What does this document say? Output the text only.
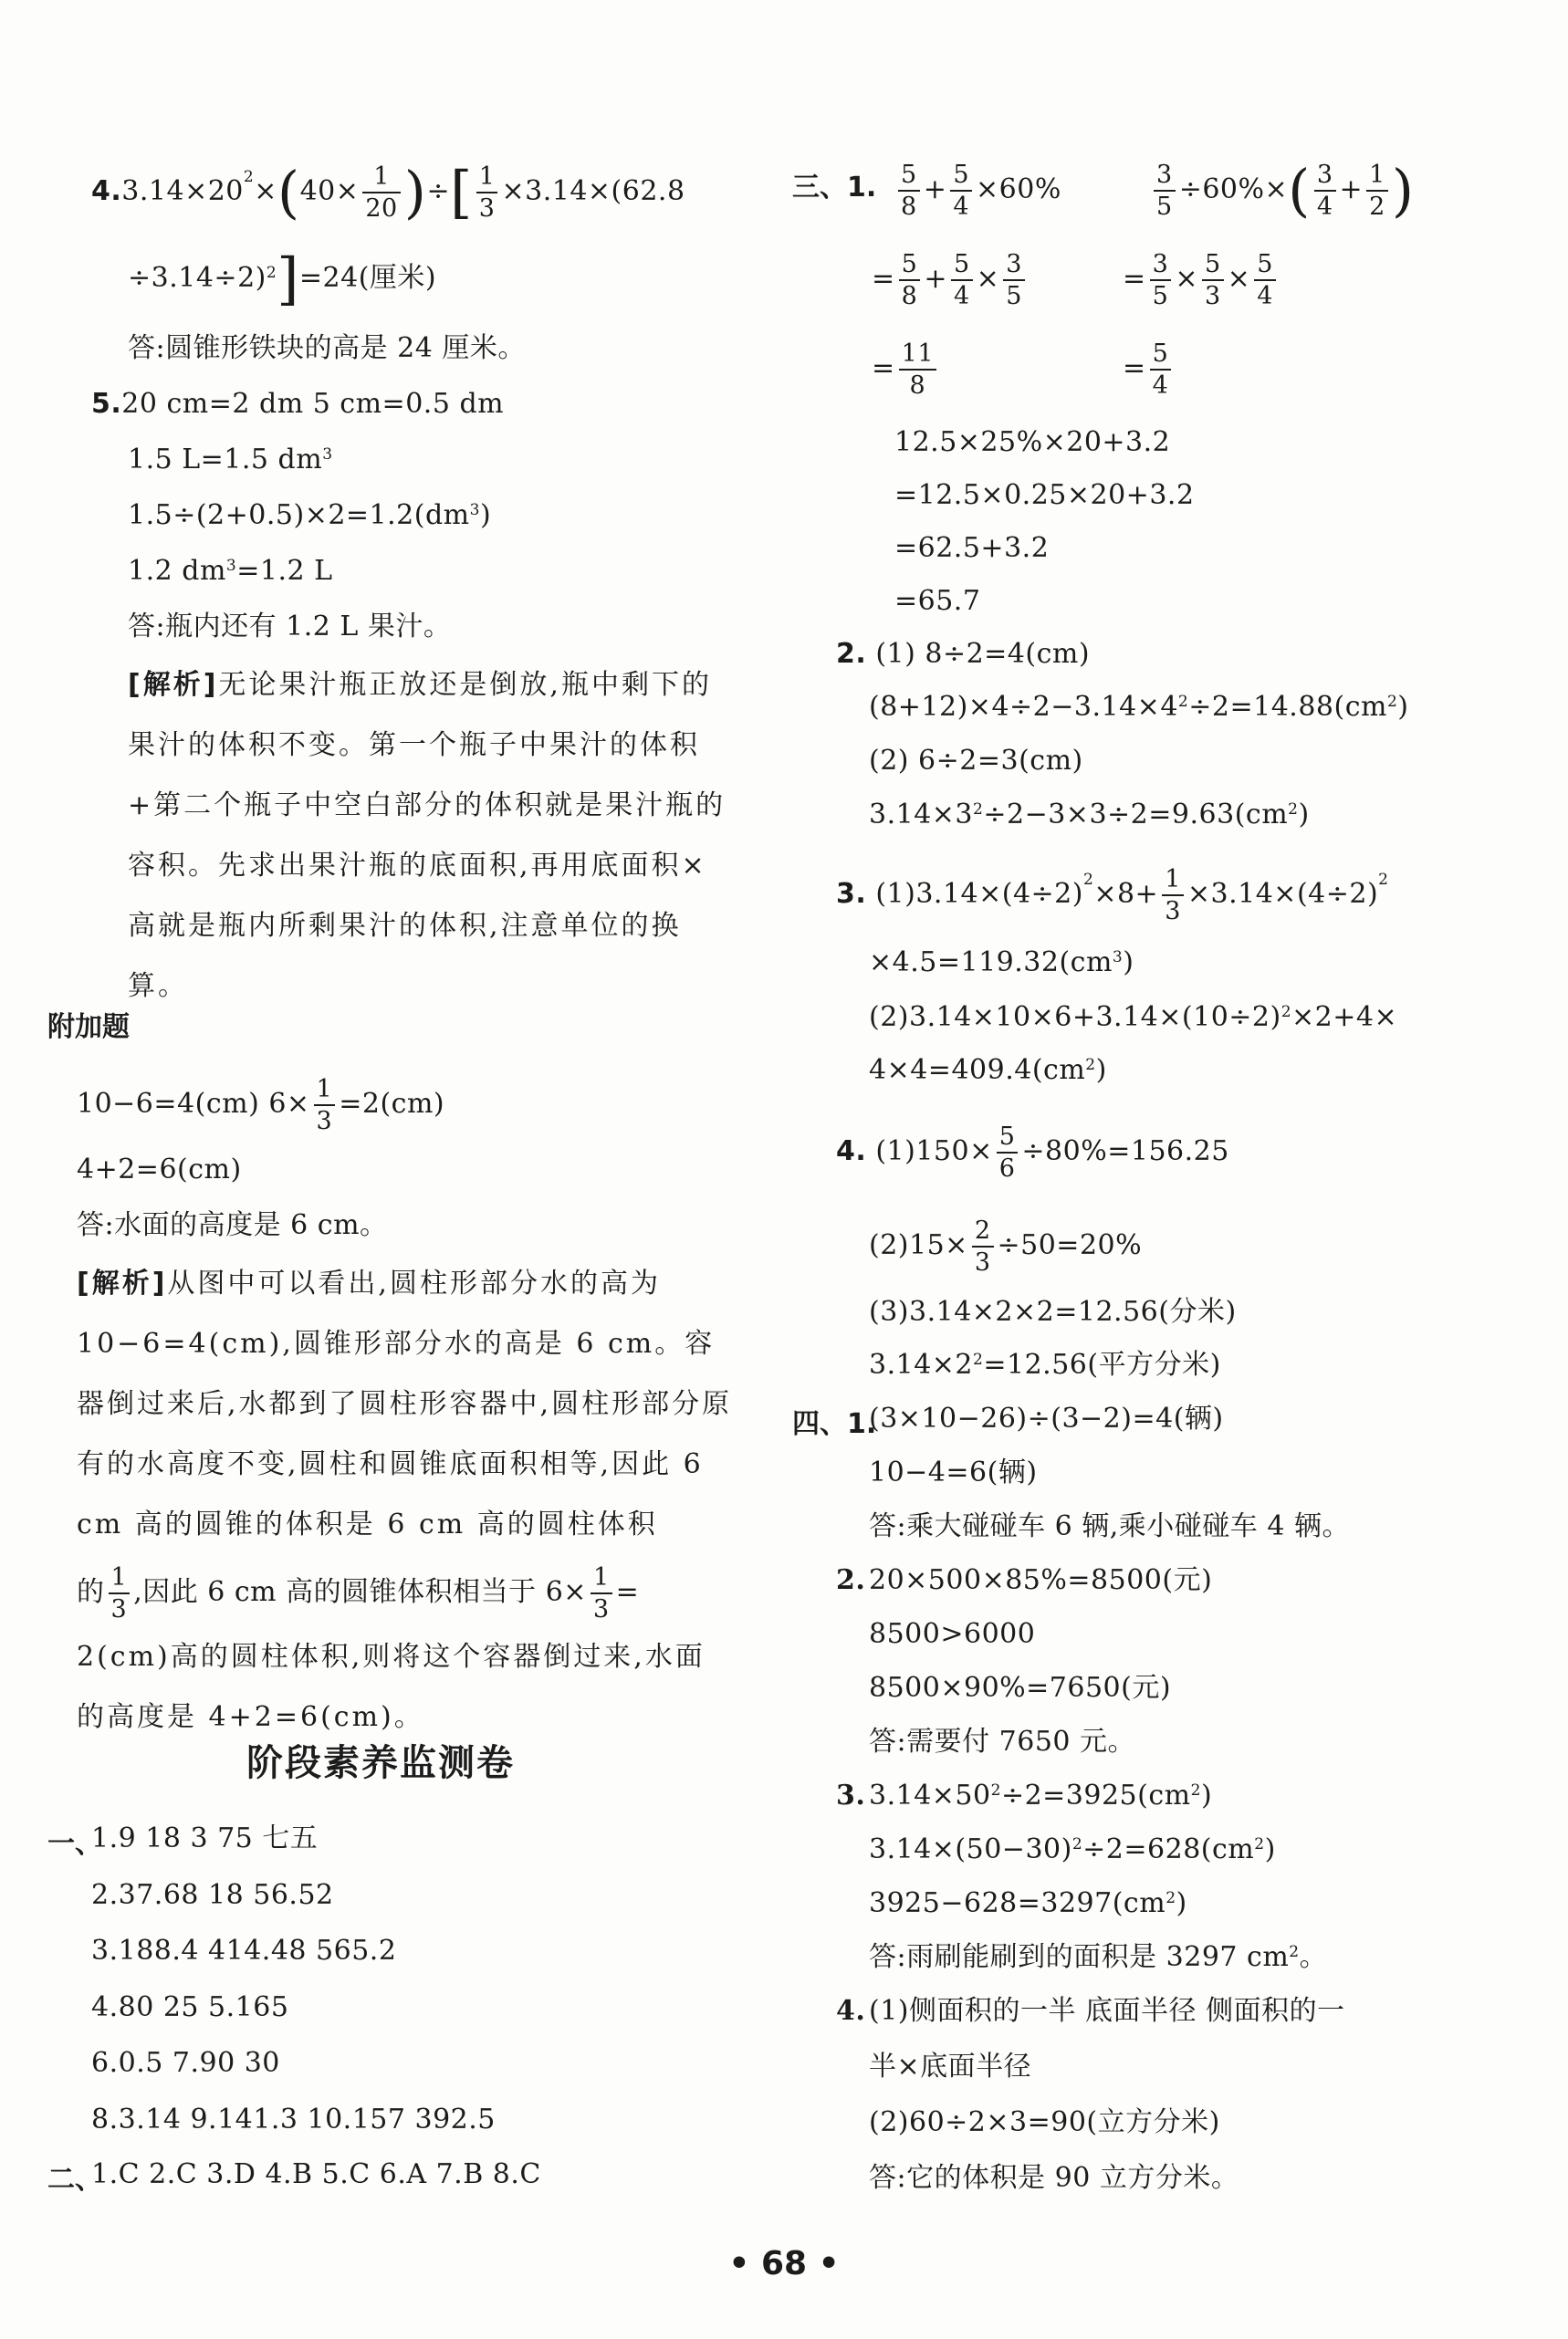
$4.3.14\times 20^2\times(40\times \frac{1}{20}$ )÷[ $\frac{1}{3} \times 3.14\times(62.8$
÷3.14÷2)$^2$]=24(厘米)
答:圆锥形铁块的高是 24 厘米。
5.20 cm=2 dm 5 cm=0.5 dm
1.5 L=1.5 $dm^3$
$1.5\div(2+0.5)\times 2=1.2(dm^3)$
1.2 $dm^3=1.2$ L
答:瓶内还有 1.2 L 果汁。
[解析]无论果汁瓶正放还是倒放,瓶中剩下的果汁的体积不变。第一个瓶子中果汁的体积+第二个瓶子中空白部分的体积就是果汁瓶的容积。先求出果汁瓶的底面积,再用底面积×高就是瓶内所剩果汁的体积,注意单位的换算。
附加题
10−6=4(cm) $6\times \frac{1}{3} =2(cm)$
4+2=6(cm)
答:水面的高度是 6 cm。
[解析]从图中可以看出,圆柱形部分水的高为 10−6=4(cm),圆锥形部分水的高是 6 cm。容器倒过来后,水都到了圆柱形容器中,圆柱形部分原有的水高度不变,圆柱和圆锥底面积相等,因此 6 cm 高的圆锥的体积是 6 cm 高的圆柱体积
的 $\frac{1}{3}$ ,因此 6 cm 高的圆锥体积相当于 $6\times \frac{1}{3}$ =
2(cm)高的圆柱体积,则将这个容器倒过来,水面的高度是 4+2=6(cm)。
阶段素养监测卷
一、
1.9 18 3 75 七五
2.37.68 18 56.52
3.188.4 414.48 565.2
4.80 25 5.165
6.0.5 7.90 30
8.3.14 9.141.3 10.157 392.5
二、
1.C 2.C 3.D 4.B 5.C 6.A 7.B 8.C
三、1. $\frac{5}{8} + \frac{5}{4} \times 60\%$
= $\frac{5}{8} + \frac{5}{4} \times \frac{3}{5}$
= $\frac{11}{8}$
$\frac{3}{5} \div 60\%\times( \frac{3}{4} + \frac{1}{2}$ )
= $\frac{3}{5} \times \frac{5}{3} \times \frac{5}{4}$
= $\frac{5}{4}$
12.5×25%×20+3.2
=12.5×0.25×20+3.2
=62.5+3.2
=65.7
2. (1) 8÷2=4(cm)
$(8+12)\times 4\div 2-3.14\times 4^2\div 2=14.88(cm^2)$
(2) 6÷2=3(cm)
$3.14\times 3^2\div 2-3\times 3\div 2=9.63(cm^2)$
3. $(1)3.14\times(4\div 2)^2\times 8+ \frac{1}{3} \times 3.14\times(4\div 2)^2$
$\times 4.5=119.32(cm^3)$
$(2)3.14\times 10\times 6+3.14\times(10\div 2)^2\times 2+4\times$
$4\times 4=409.4(cm^2)$
4. $(1)150\times \frac{5}{6} \div 80\%=156.25$
$(2)15\times \frac{2}{3} \div 50=20\%$
(3)3.14×2×2=12.56(分米)
$3.14\times 2^2=12.56$(平方分米)
四、1.
(3×10−26)÷(3−2)=4(辆)
10−4=6(辆)
答:乘大碰碰车 6 辆,乘小碰碰车 4 辆。
2. 20×500×85%=8500(元)
8500>6000
8500×90%=7650(元)
答:需要付 7650 元。
3. $3.14\times 50^2\div 2=3925(cm^2)$
$3.14\times(50-30)^2\div 2=628(cm^2)$
$3925-628=3297(cm^2)$
答:雨刷能刷到的面积是 3297 $cm^2$。
4. (1)侧面积的一半 底面半径 侧面积的一
半×底面半径
(2)60÷2×3=90(立方分米)
答:它的体积是 90 立方分米。
• 68 •
